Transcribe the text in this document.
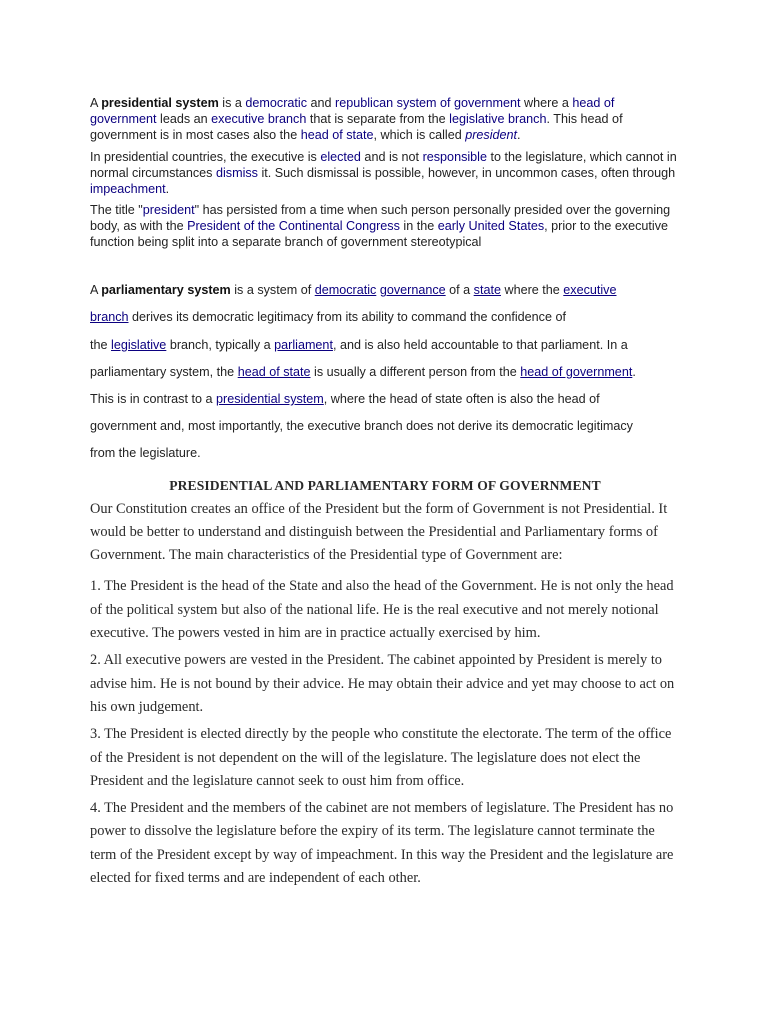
A presidential system is a democratic and republican system of government where a head of government leads an executive branch that is separate from the legislative branch. This head of government is in most cases also the head of state, which is called president.

In presidential countries, the executive is elected and is not responsible to the legislature, which cannot in normal circumstances dismiss it. Such dismissal is possible, however, in uncommon cases, often through impeachment.

The title "president" has persisted from a time when such person personally presided over the governing body, as with the President of the Continental Congress in the early United States, prior to the executive function being split into a separate branch of government stereotypical

A parliamentary system is a system of democratic governance of a state where the executive
branch derives its democratic legitimacy from its ability to command the confidence of
the legislative branch, typically a parliament, and is also held accountable to that parliament. In a
parliamentary system, the head of state is usually a different person from the head of government.
This is in contrast to a presidential system, where the head of state often is also the head of
government and, most importantly, the executive branch does not derive its democratic legitimacy
from the legislature.
PRESIDENTIAL AND PARLIAMENTARY FORM OF GOVERNMENT

Our Constitution creates an office of the President but the form of Government is not Presidential. It would be better to understand and distinguish between the Presidential and Parliamentary forms of Government. The main characteristics of the Presidential type of Government are:

1. The President is the head of the State and also the head of the Government. He is not only the head of the political system but also of the national life. He is the real executive and not merely notional executive. The powers vested in him are in practice actually exercised by him.

2. All executive powers are vested in the President. The cabinet appointed by President is merely to advise him. He is not bound by their advice. He may obtain their advice and yet may choose to act on his own judgement.

3. The President is elected directly by the people who constitute the electorate. The term of the office of the President is not dependent on the will of the legislature. The legislature does not elect the President and the legislature cannot seek to oust him from office.

4. The President and the members of the cabinet are not members of legislature. The President has no power to dissolve the legislature before the expiry of its term. The legislature cannot terminate the term of the President except by way of impeachment. In this way the President and the legislature are elected for fixed terms and are independent of each other.
